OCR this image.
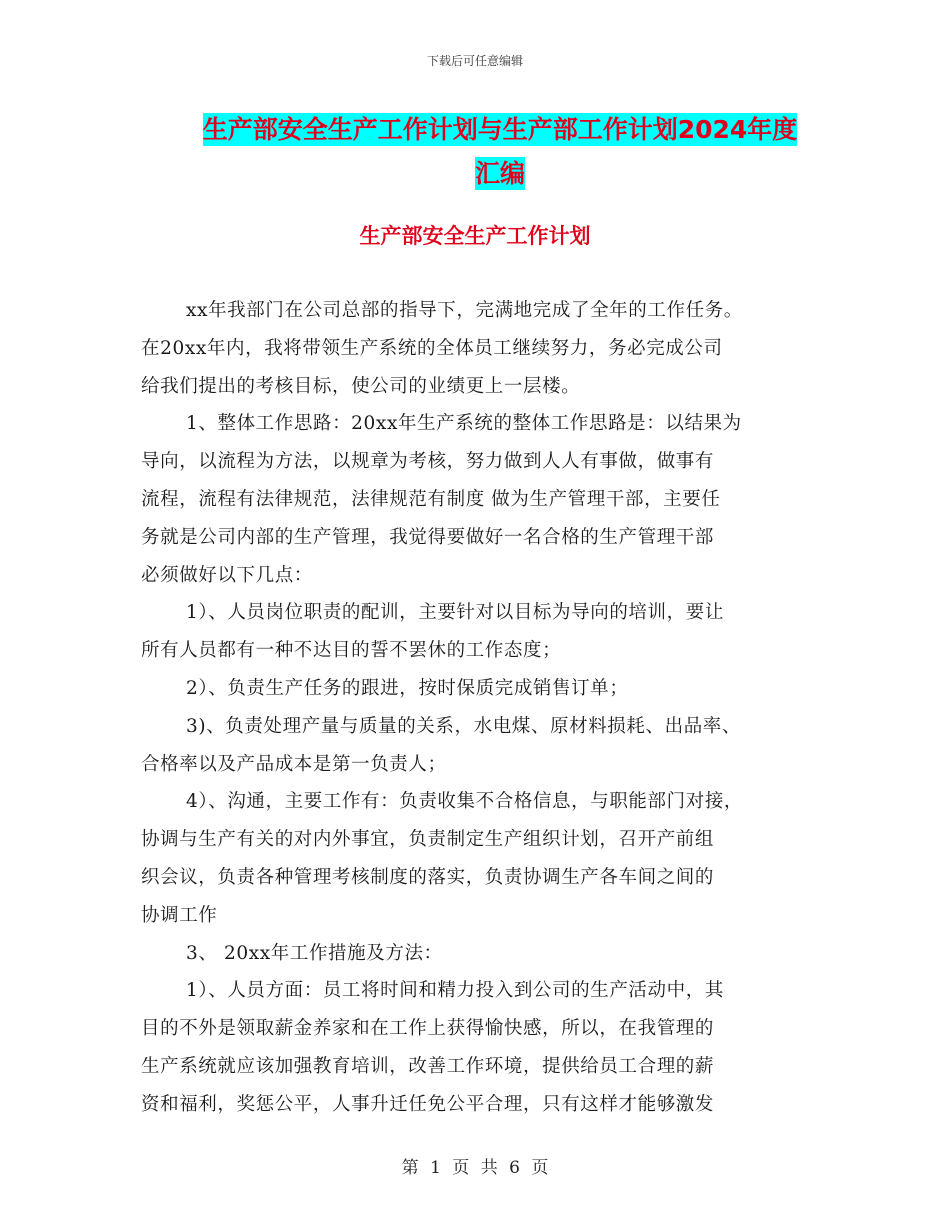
下载后可任意编辑
生产部安全生产工作计划与生产部工作计划2024年度
汇编
生产部安全生产工作计划
xx年我部门在公司总部的指导下，完满地完成了全年的工作任务。
在20xx年内，我将带领生产系统的全体员工继续努力，务必完成公司
给我们提出的考核目标，使公司的业绩更上一层楼。
1、整体工作思路：20xx年生产系统的整体工作思路是：以结果为
导向，以流程为方法，以规章为考核，努力做到人人有事做，做事有
流程，流程有法律规范，法律规范有制度 做为生产管理干部，主要任
务就是公司内部的生产管理，我觉得要做好一名合格的生产管理干部
必须做好以下几点：
1）、人员岗位职责的配训，主要针对以目标为导向的培训，要让
所有人员都有一种不达目的誓不罢休的工作态度；
2）、负责生产任务的跟进，按时保质完成销售订单；
3)、负责处理产量与质量的关系，水电煤、原材料损耗、出品率、
合格率以及产品成本是第一负责人；
4）、沟通，主要工作有：负责收集不合格信息，与职能部门对接，
协调与生产有关的对内外事宜，负责制定生产组织计划，召开产前组
织会议，负责各种管理考核制度的落实，负责协调生产各车间之间的
协调工作
3、 20xx年工作措施及方法：
1）、人员方面：员工将时间和精力投入到公司的生产活动中，其
目的不外是领取薪金养家和在工作上获得愉快感，所以，在我管理的
生产系统就应该加强教育培训，改善工作环境，提供给员工合理的薪
资和福利，奖惩公平，人事升迁任免公平合理，只有这样才能够激发
第 1 页 共 6 页
